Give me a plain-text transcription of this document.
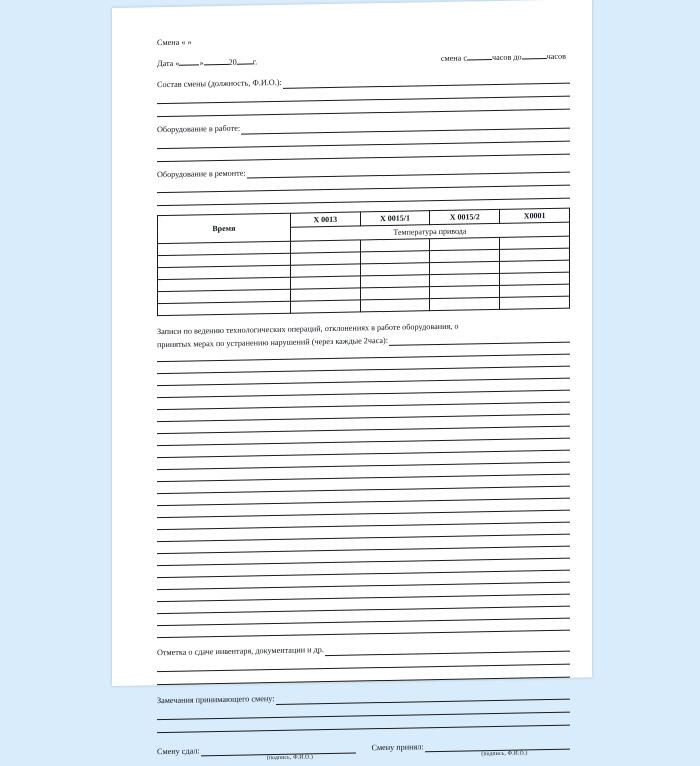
Смена « »
Дата « »	20 г.	смена с	часов до	часов
Состав смены (должность, Ф.И.О.):
Оборудование в работе:
Оборудование в ремонте:
Время	X 0013	X 0015/1	X 0015/2	X0001
	Температура привода			

Записи по ведению технологических операций, отклонениях в работе оборудования, о
принятых мерах по устранению нарушений (через каждые 2часа):
Отметка о сдаче инвентаря, документации и др.
Замечания принимающего смену:
Смену сдал:
(подпись, Ф.И.О.)
Смену принял:
(подпись, Ф.И.О.)
